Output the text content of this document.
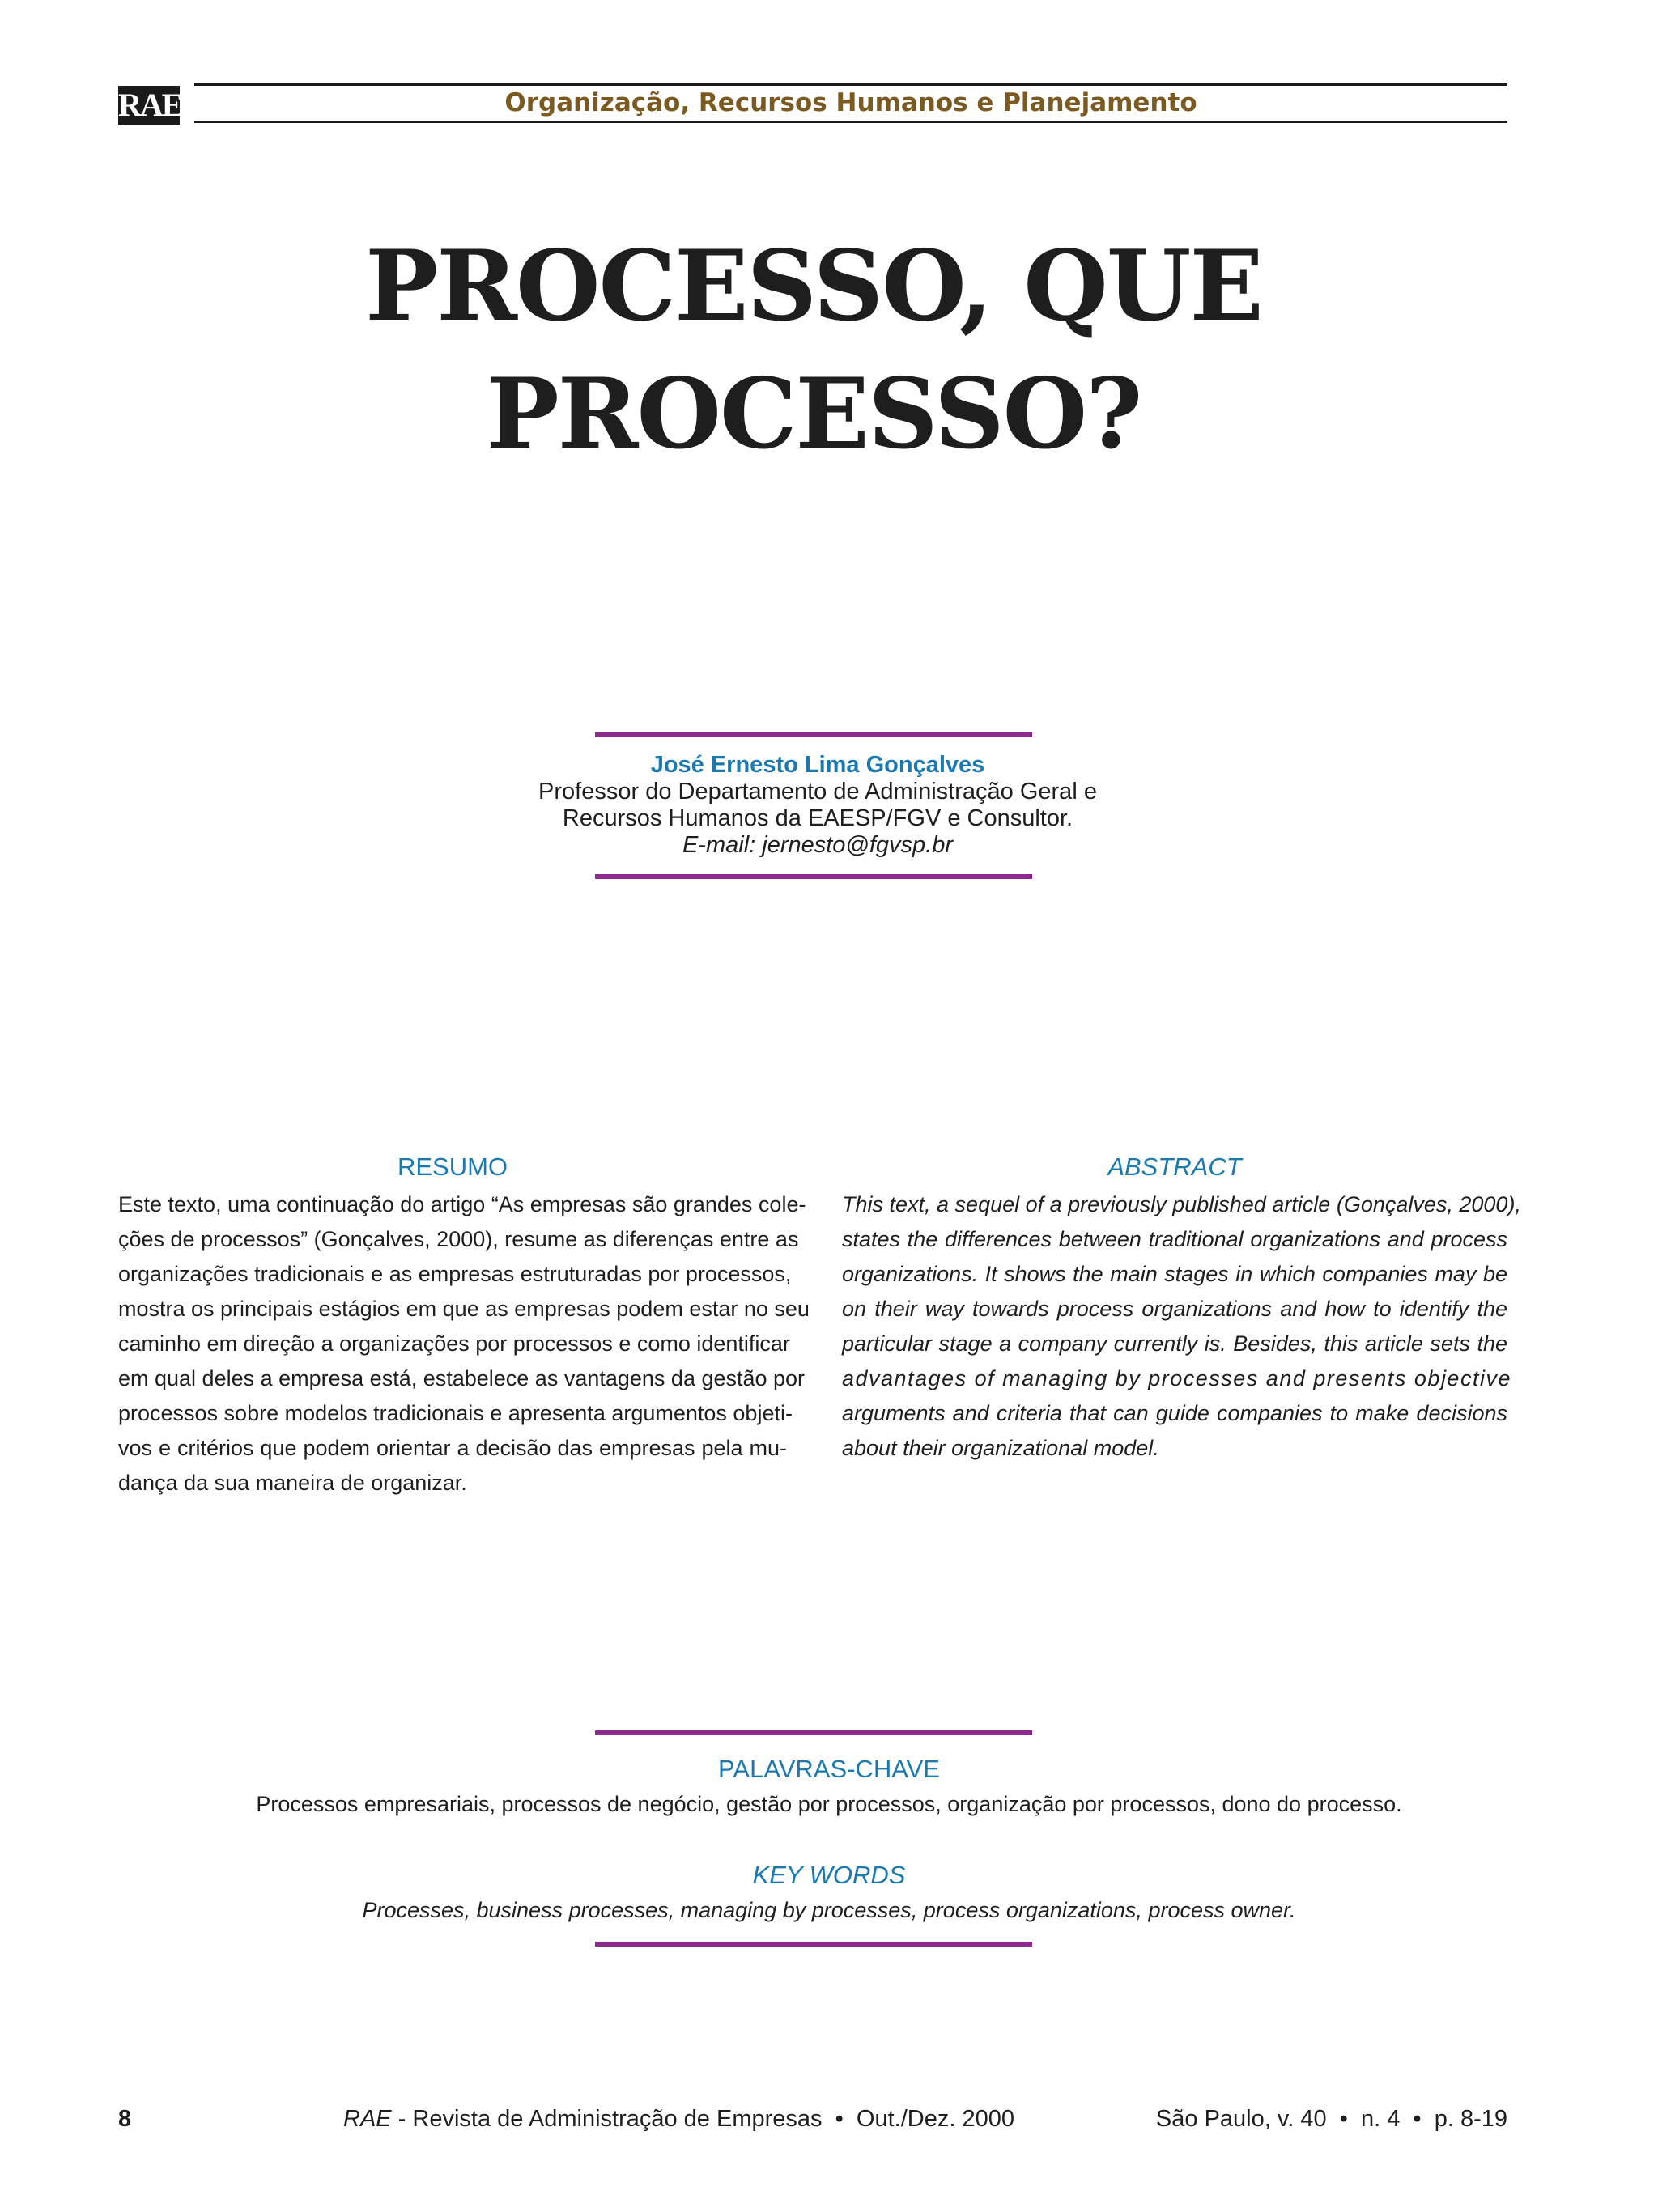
RAE	Organização, Recursos Humanos e Planejamento
PROCESSO, QUE
PROCESSO?
José Ernesto Lima Gonçalves
Professor do Departamento de Administração Geral e
Recursos Humanos da EAESP/FGV e Consultor.
E-mail: jernesto@fgvsp.br
RESUMO
Este texto, uma continuação do artigo “As empresas são grandes cole-
ções de processos” (Gonçalves, 2000), resume as diferenças entre as
organizações tradicionais e as empresas estruturadas por processos,
mostra os principais estágios em que as empresas podem estar no seu
caminho em direção a organizações por processos e como identificar
em qual deles a empresa está, estabelece as vantagens da gestão por
processos sobre modelos tradicionais e apresenta argumentos objeti-
vos e critérios que podem orientar a decisão das empresas pela mu-
dança da sua maneira de organizar.
ABSTRACT
This text, a sequel of a previously published article (Gonçalves, 2000),
states the differences between traditional organizations and process
organizations. It shows the main stages in which companies may be
on their way towards process organizations and how to identify the
particular stage a company currently is. Besides, this article sets the
advantages of managing by processes and presents objective
arguments and criteria that can guide companies to make decisions
about their organizational model.
PALAVRAS-CHAVE
Processos empresariais, processos de negócio, gestão por processos, organização por processos, dono do processo.
KEY WORDS
Processes, business processes, managing by processes, process organizations, process owner.
8	RAE - Revista de Administração de Empresas  •  Out./Dez. 2000	São Paulo, v. 40  •  n. 4  •  p. 8-19
